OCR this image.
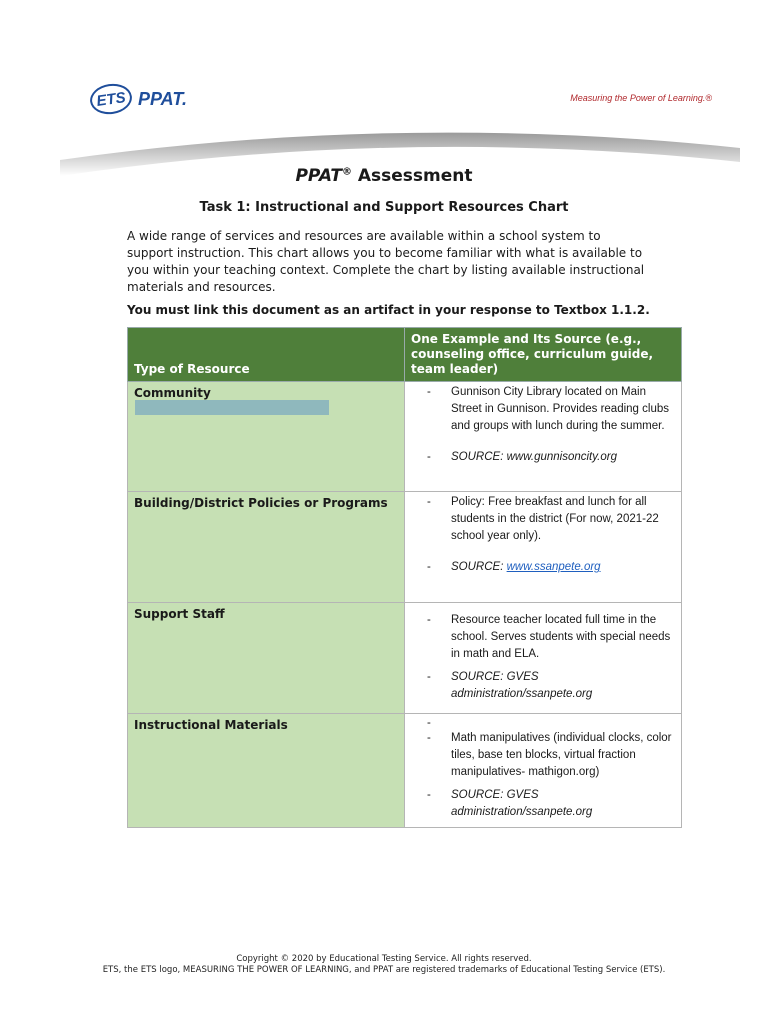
ETS PPAT.	Measuring the Power of Learning.®
PPAT® Assessment
Task 1: Instructional and Support Resources Chart
A wide range of services and resources are available within a school system to support instruction. This chart allows you to become familiar with what is available to you within your teaching context. Complete the chart by listing available instructional materials and resources.
You must link this document as an artifact in your response to Textbox 1.1.2.
Type of Resource	One Example and Its Source (e.g., counseling office, curriculum guide, team leader)
Community	- Gunnison City Library located on Main Street in Gunnison. Provides reading clubs and groups with lunch during the summer.
- SOURCE: www.gunnisoncity.org

Building/District Policies or Programs	- Policy: Free breakfast and lunch for all students in the district (For now, 2021-22 school year only).
- SOURCE: www.ssanpete.org

Support Staff	- Resource teacher located full time in the school. Serves students with special needs in math and ELA.
- SOURCE: GVES administration/ssanpete.org

Instructional Materials	-
- Math manipulatives (individual clocks, color tiles, base ten blocks, virtual fraction manipulatives- mathigon.org)
- SOURCE: GVES administration/ssanpete.org
Copyright © 2020 by Educational Testing Service. All rights reserved.
ETS, the ETS logo, MEASURING THE POWER OF LEARNING, and PPAT are registered trademarks of Educational Testing Service (ETS).
